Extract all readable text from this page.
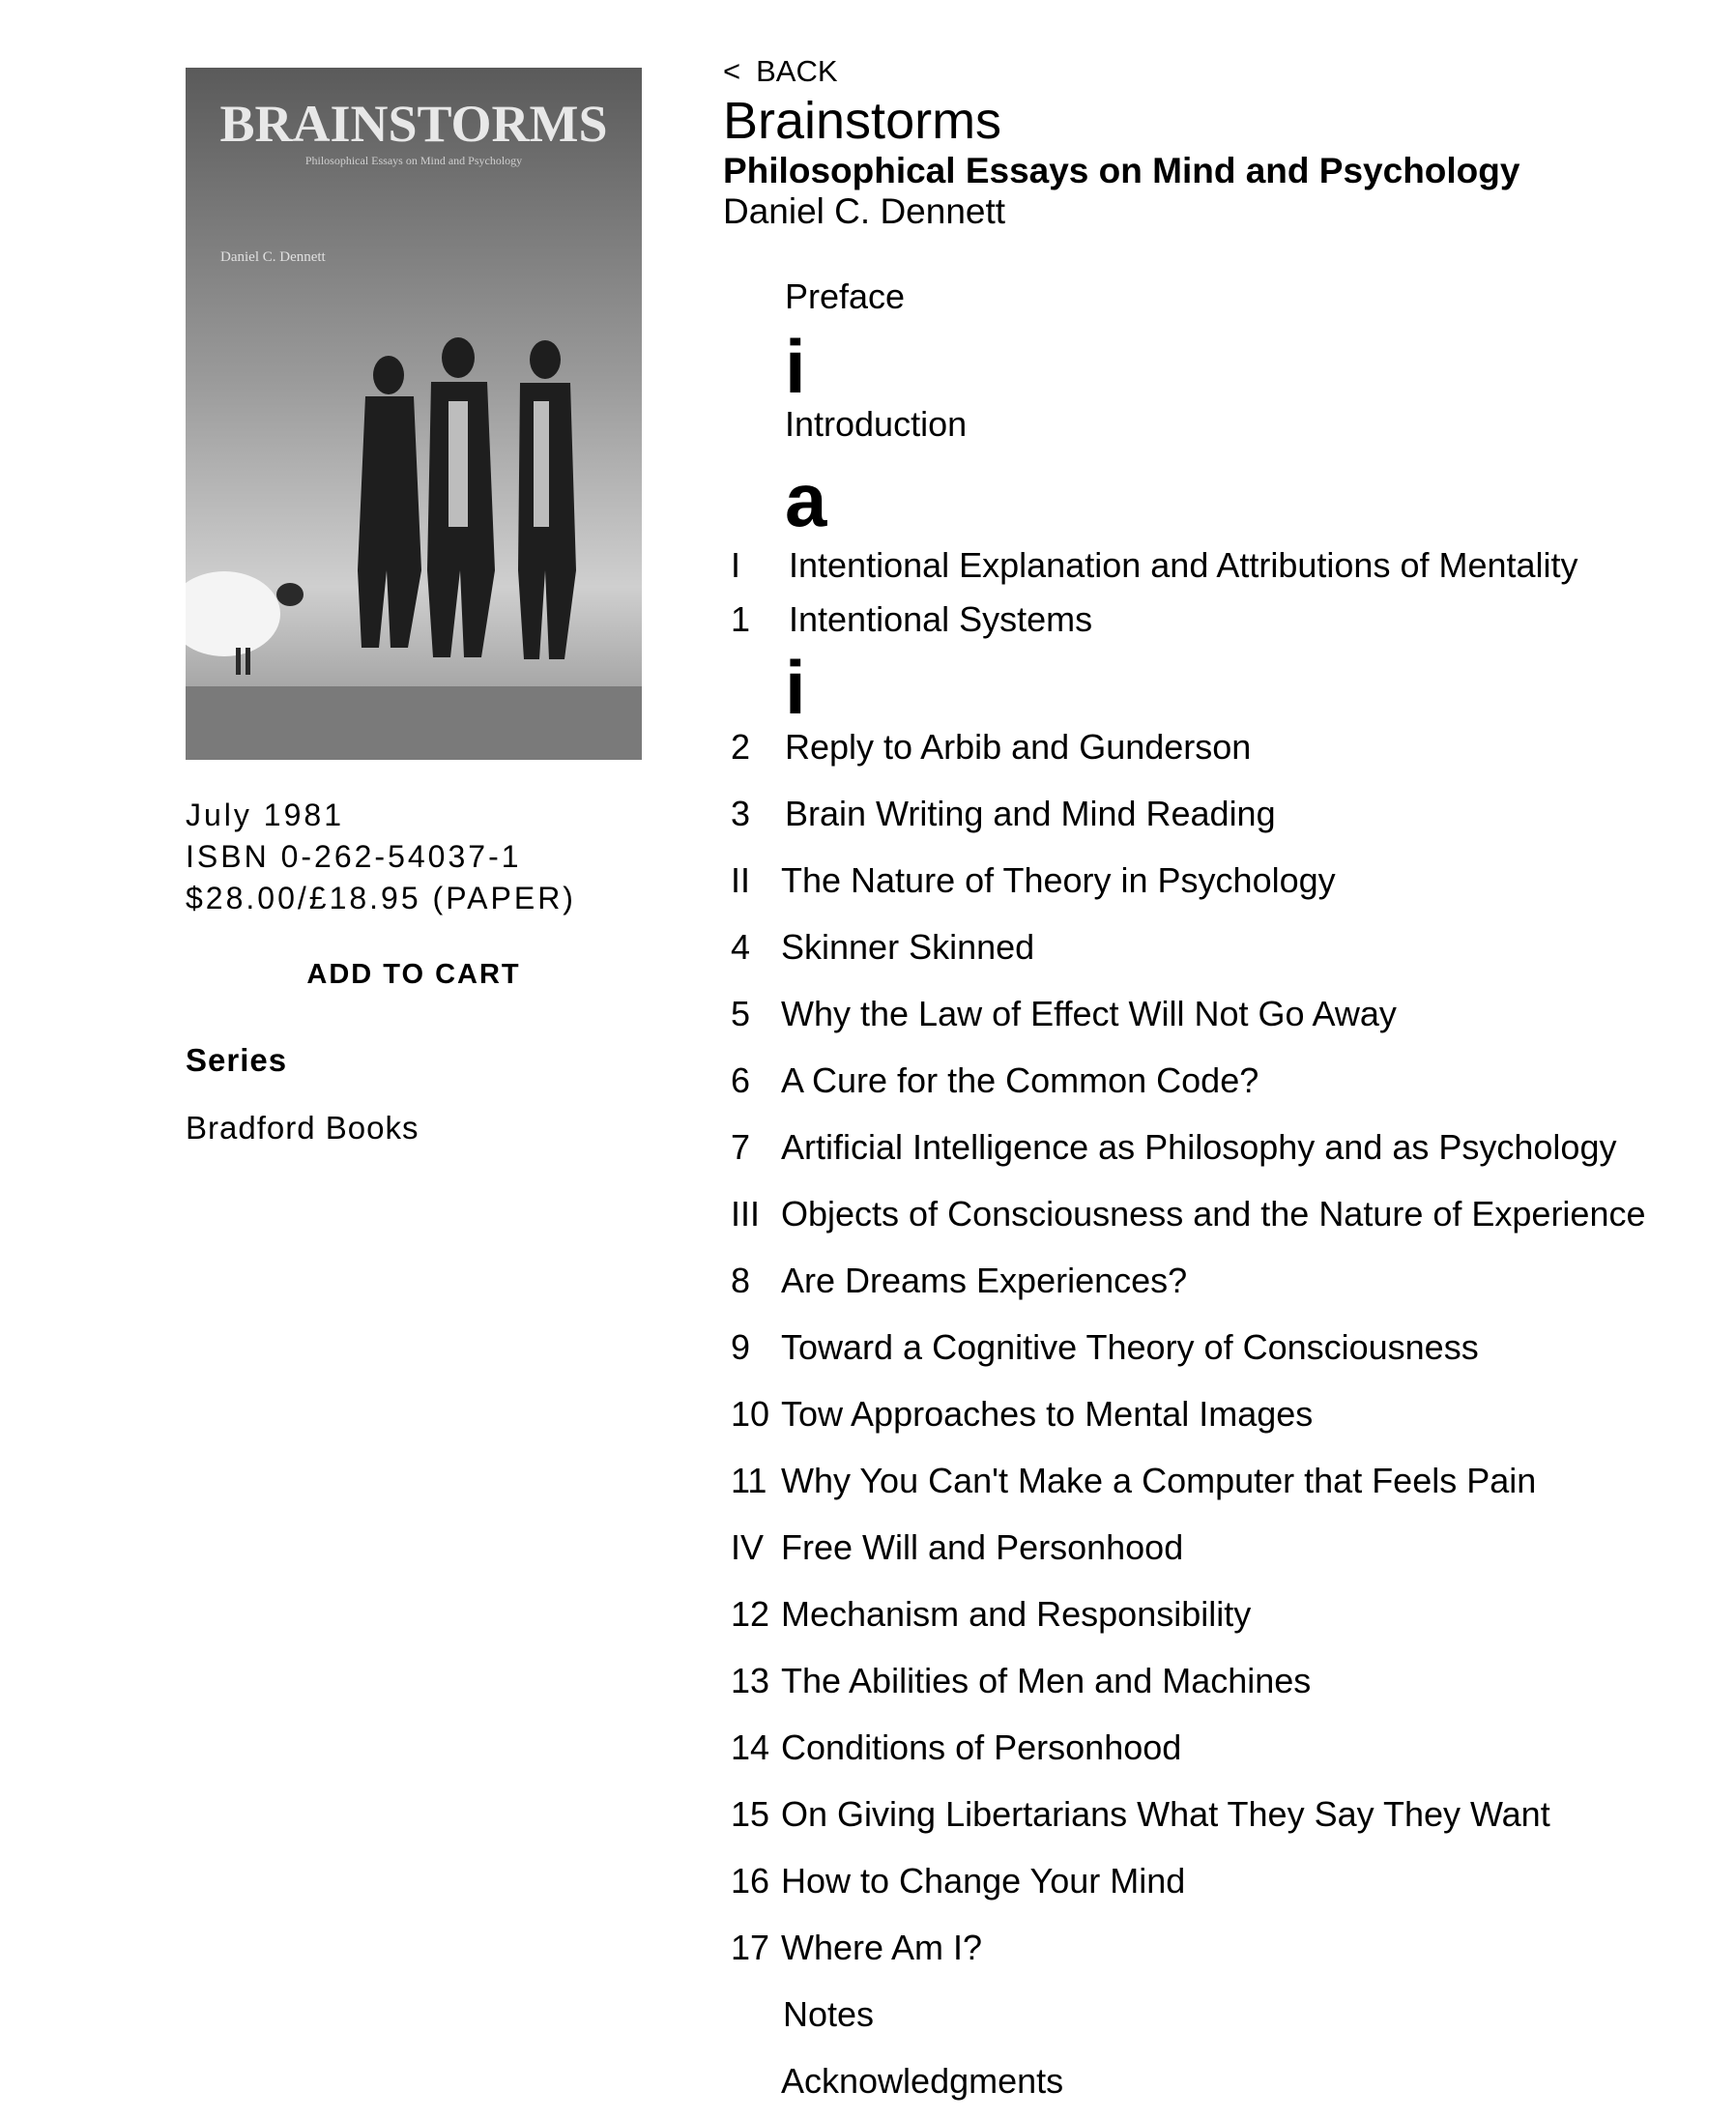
BRAINSTORMS
Philosophical Essays on Mind and Psychology
Daniel C. Dennett
July 1981
ISBN 0-262-54037-1
$28.00/£18.95 (PAPER)
ADD TO CART
Series
Bradford Books
< BACK
Brainstorms
Philosophical Essays on Mind and Psychology
Daniel C. Dennett
Preface
i
Introduction
a
I Intentional Explanation and Attributions of Mentality
1 Intentional Systems
i
2 Reply to Arbib and Gunderson
3 Brain Writing and Mind Reading
II The Nature of Theory in Psychology
4 Skinner Skinned
5 Why the Law of Effect Will Not Go Away
6 A Cure for the Common Code?
7 Artificial Intelligence as Philosophy and as Psychology
III Objects of Consciousness and the Nature of Experience
8 Are Dreams Experiences?
9 Toward a Cognitive Theory of Consciousness
10 Tow Approaches to Mental Images
11 Why You Can't Make a Computer that Feels Pain
IV Free Will and Personhood
12 Mechanism and Responsibility
13 The Abilities of Men and Machines
14 Conditions of Personhood
15 On Giving Libertarians What They Say They Want
16 How to Change Your Mind
17 Where Am I?
Notes
Acknowledgments
